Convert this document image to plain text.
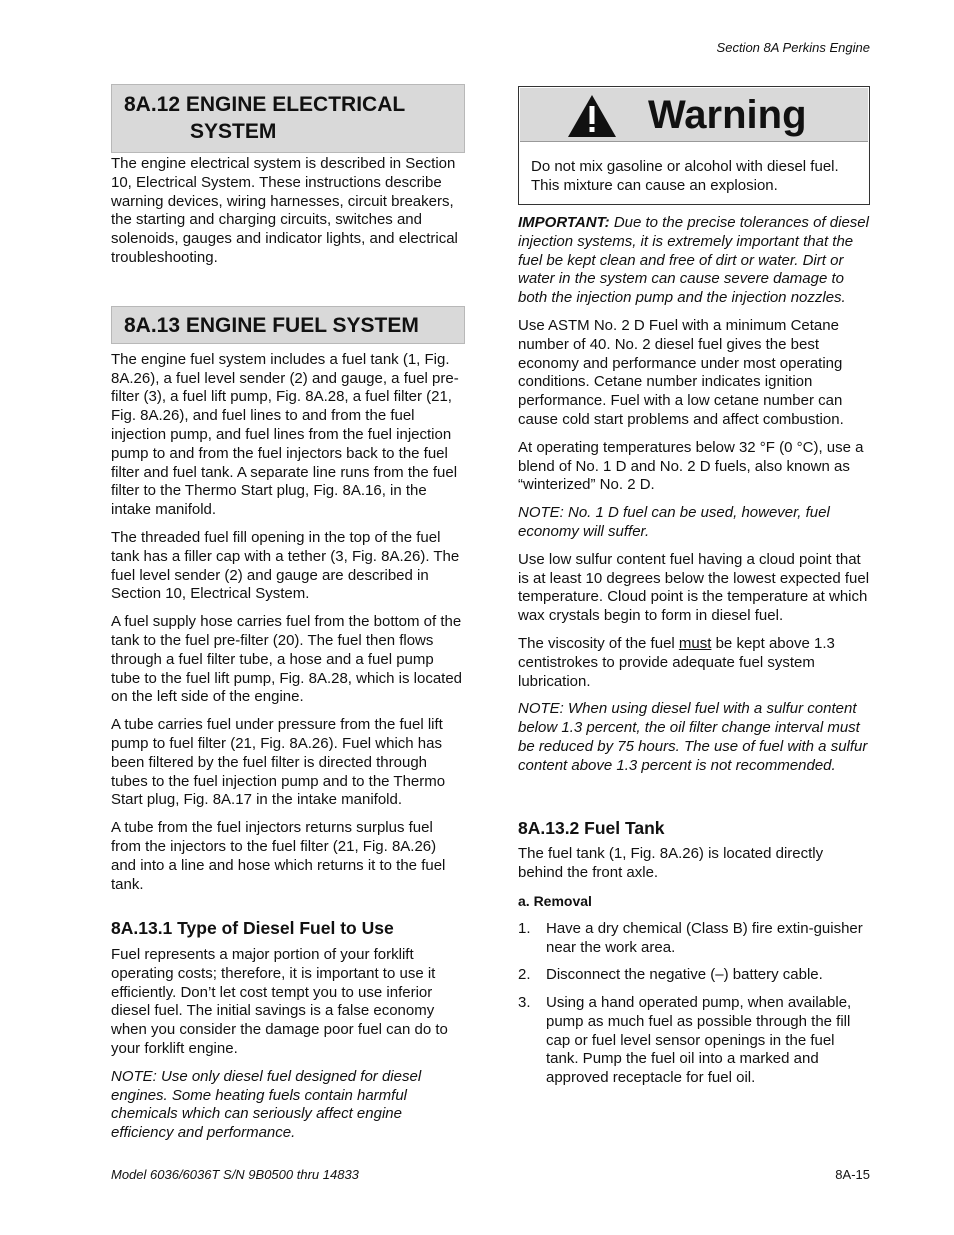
Section 8A Perkins Engine
8A.12 ENGINE ELECTRICAL
SYSTEM

The engine electrical system is described in Section 10, Electrical System. These instructions describe warning devices, wiring harnesses, circuit breakers, the starting and charging circuits, switches and solenoids, gauges and indicator lights, and electrical troubleshooting.

8A.13 ENGINE FUEL SYSTEM

The engine fuel system includes a fuel tank (1, Fig. 8A.26), a fuel level sender (2) and gauge, a fuel pre-filter (3), a fuel lift pump, Fig. 8A.28, a fuel filter (21, Fig. 8A.26), and fuel lines to and from the fuel injection pump, and fuel lines from the fuel injection pump to and from the fuel injectors back to the fuel filter and fuel tank. A separate line runs from the fuel filter to the Thermo Start plug, Fig. 8A.16, in the intake manifold.

The threaded fuel fill opening in the top of the fuel tank has a filler cap with a tether (3, Fig. 8A.26). The fuel level sender (2) and gauge are described in Section 10, Electrical System.

A fuel supply hose carries fuel from the bottom of the tank to the fuel pre-filter (20). The fuel then flows through a fuel filter tube, a hose and a fuel pump tube to the fuel lift pump, Fig. 8A.28, which is located on the left side of the engine.

A tube carries fuel under pressure from the fuel lift pump to fuel filter (21, Fig. 8A.26). Fuel which has been filtered by the fuel filter is directed through tubes to the fuel injection pump and to the Thermo Start plug, Fig. 8A.17 in the intake manifold.

A tube from the fuel injectors returns surplus fuel from the injectors to the fuel filter (21, Fig. 8A.26) and into a line and hose which returns it to the fuel tank.

8A.13.1 Type of Diesel Fuel to Use

Fuel represents a major portion of your forklift operating costs; therefore, it is important to use it efficiently. Don’t let cost tempt you to use inferior diesel fuel. The initial savings is a false economy when you consider the damage poor fuel can do to your forklift engine.

NOTE: Use only diesel fuel designed for diesel engines. Some heating fuels contain harmful chemicals which can seriously affect engine efficiency and performance.

Warning
Do not mix gasoline or alcohol with diesel fuel. This mixture can cause an explosion.

IMPORTANT: Due to the precise tolerances of diesel injection systems, it is extremely important that the fuel be kept clean and free of dirt or water. Dirt or water in the system can cause severe damage to both the injection pump and the injection nozzles.

Use ASTM No. 2 D Fuel with a minimum Cetane number of 40. No. 2 diesel fuel gives the best economy and performance under most operating conditions. Cetane number indicates ignition performance. Fuel with a low cetane number can cause cold start problems and affect combustion.

At operating temperatures below 32 °F (0 °C), use a blend of No. 1 D and No. 2 D fuels, also known as “winterized” No. 2 D.

NOTE: No. 1 D fuel can be used, however, fuel economy will suffer.

Use low sulfur content fuel having a cloud point that is at least 10 degrees below the lowest expected fuel temperature. Cloud point is the temperature at which wax crystals begin to form in diesel fuel.

The viscosity of the fuel must be kept above 1.3 centistrokes to provide adequate fuel system lubrication.

NOTE: When using diesel fuel with a sulfur content below 1.3 percent, the oil filter change interval must be reduced by 75 hours. The use of fuel with a sulfur content above 1.3 percent is not recommended.

8A.13.2 Fuel Tank

The fuel tank (1, Fig. 8A.26) is located directly behind the front axle.

a. Removal

1.	Have a dry chemical (Class B) fire extin-guisher near the work area.
2.	Disconnect the negative (–) battery cable.
3.	Using a hand operated pump, when available, pump as much fuel as possible through the fill cap or fuel level sensor openings in the fuel tank. Pump the fuel oil into a marked and approved receptacle for fuel oil.
Model 6036/6036T S/N 9B0500 thru 14833	8A-15
